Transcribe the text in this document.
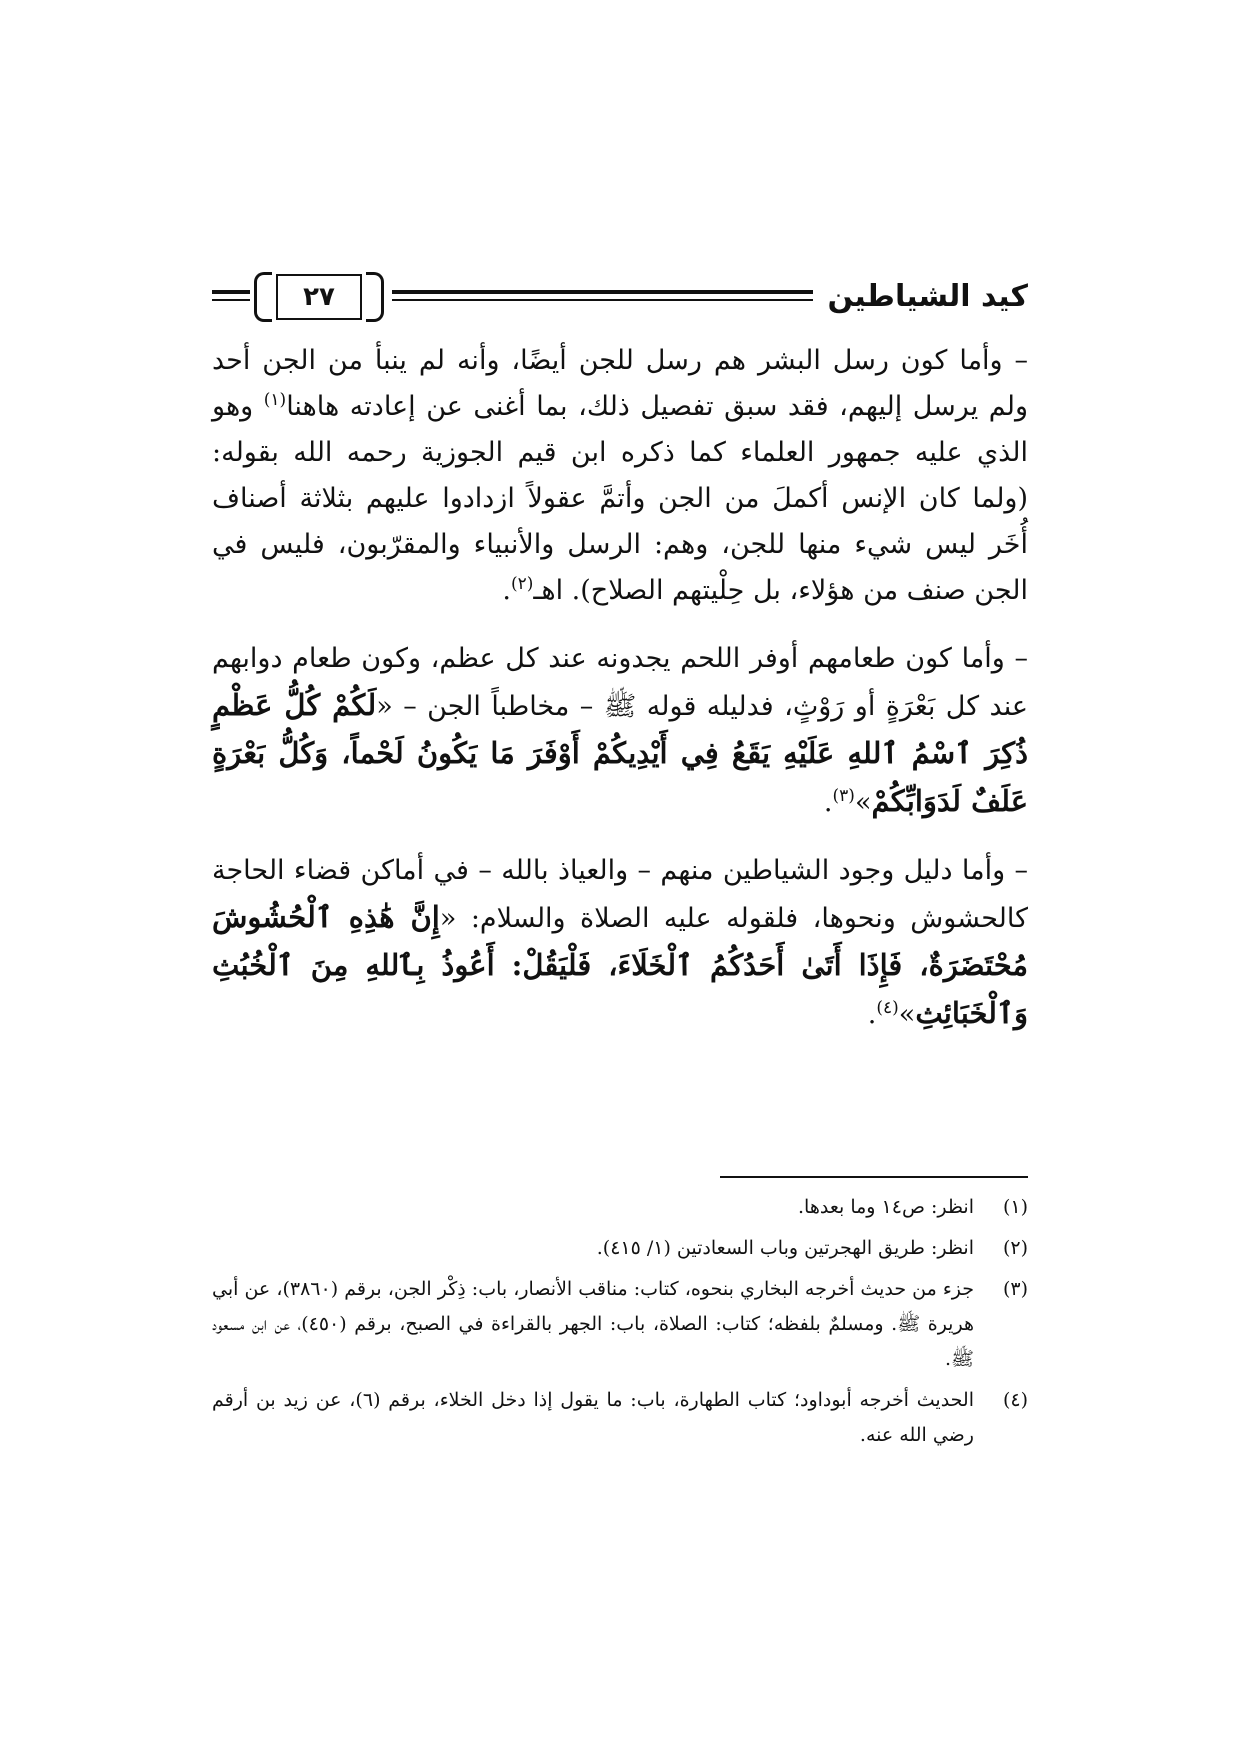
٢٧	كيد الشياطين

– وأما كون رسل البشر هم رسل للجن أيضًا، وأنه لم ينبأ من الجن أحد ولم يرسل إليهم، فقد سبق تفصيل ذلك، بما أغنى عن إعادته هاهنا$^{(١)}$ وهو الذي عليه جمهور العلماء كما ذكره ابن قيم الجوزية رحمه الله بقوله: (ولما كان الإنس أكملَ من الجن وأتمَّ عقولاً ازدادوا عليهم بثلاثة أصناف أُخَر ليس شيء منها للجن، وهم: الرسل والأنبياء والمقرّبون، فليس في الجن صنف من هؤلاء، بل حِلْيتهم الصلاح). اهـ$^{(٢)}$.

– وأما كون طعامهم أوفر اللحم يجدونه عند كل عظم، وكون طعام دوابهم عند كل بَعْرَةٍ أو رَوْثٍ، فدليله قوله ﷺ – مخاطباً الجن – «لَكُمْ كُلُّ عَظْمٍ ذُكِرَ ٱسْمُ ٱللهِ عَلَيْهِ يَقَعُ فِي أَيْدِيكُمْ أَوْفَرَ مَا يَكُونُ لَحْماً، وَكُلُّ بَعْرَةٍ عَلَفٌ لَدَوَابِّكُمْ»$^{(٣)}$.

– وأما دليل وجود الشياطين منهم – والعياذ بالله – في أماكن قضاء الحاجة كالحشوش ونحوها، فلقوله عليه الصلاة والسلام: «إِنَّ هَٰذِهِ ٱلْحُشُوشَ مُحْتَضَرَةٌ، فَإِذَا أَتَىٰ أَحَدُكُمُ ٱلْخَلَاءَ، فَلْيَقُلْ: أَعُوذُ بِٱللهِ مِنَ ٱلْخُبُثِ وَٱلْخَبَائِثِ»$^{(٤)}$.

(١)
انظر: ص١٤ وما بعدها.
(٢)
انظر: طريق الهجرتين وباب السعادتين (١/ ٤١٥).
(٣)
جزء من حديث أخرجه البخاري بنحوه، كتاب: مناقب الأنصار، باب: ذِكْر الجن، برقم (٣٨٦٠)، عن أبي هريرة ﷺ. ومسلمٌ بلفظه؛ كتاب: الصلاة، باب: الجهر بالقراءة في الصبح، برقم (٤٥٠)، عن ابن مسعود ﷺ.
(٤)
الحديث أخرجه أبوداود؛ كتاب الطهارة، باب: ما يقول إذا دخل الخلاء، برقم (٦)، عن زيد بن أرقم رضي الله عنه.
